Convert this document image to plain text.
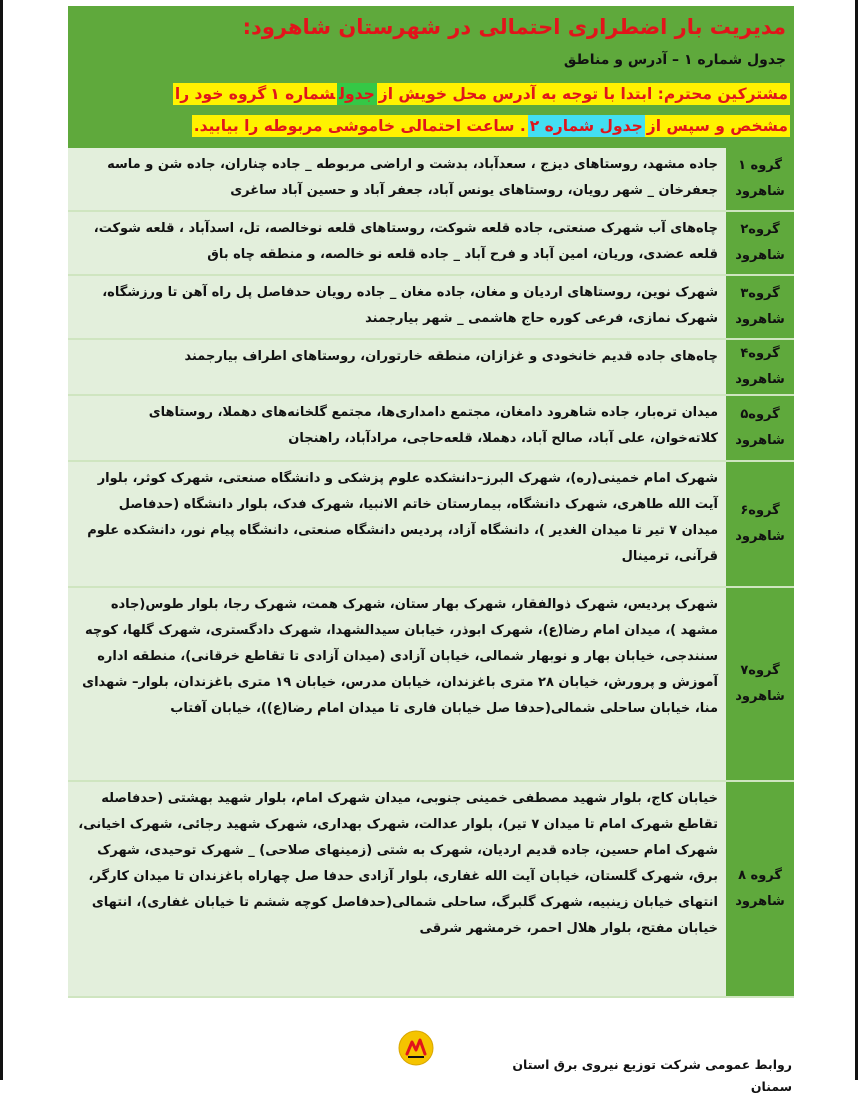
مدیریت بار اضطراری احتمالی در شهرستان شاهرود:
جدول شماره ۱ – آدرس و مناطق
مشترکین محترم: ابتدا با توجه به آدرس محل خویش ازجدولشماره ۱گروه خود را
مشخص و سپس ازجدول شماره ۲. ساعت احتمالی خاموشی مربوطه را بیابید.
گروه ۱ شاهرود
جاده مشهد، روستاهای دیزج ، سعدآباد، بدشت و اراضی مربوطه _ جاده چناران، جاده شن و ماسه جعفرخان _ شهر رویان، روستاهای یونس آباد، جعفر آباد و حسین آباد ساغری
گروه۲ شاهرود
چاه‌های آب شهرک صنعتی، جاده قلعه شوکت، روستاهای قلعه نوخالصه، تل، اسدآباد ، قلعه شوکت، قلعه عضدی، وریان، امین آباد و فرح آباد _ جاده قلعه نو خالصه، و منطقه چاه باق
گروه۳ شاهرود
شهرک نوین، روستاهای اردیان و مغان، جاده مغان _ جاده رویان حدفاصل پل راه آهن تا ورزشگاه، شهرک نمازی، فرعی کوره حاج هاشمی _ شهر بیارجمند
گروه۴ شاهرود
چاه‌های جاده قدیم خانخودی و غزازان، منطقه خارتوران، روستاهای اطراف بیارجمند
گروه۵ شاهرود
میدان تره‌بار، جاده شاهرود دامغان، مجتمع دامداری‌ها، مجتمع گلخانه‌های دهملا، روستاهای کلاته‌خوان، علی آباد، صالح آباد، دهملا، قلعه‌حاجی، مرادآباد، راهنجان
گروه۶ شاهرود
شهرک امام خمینی(ره)، شهرک البرز–دانشکده علوم پزشکی و دانشگاه صنعتی، شهرک کوثر، بلوار آیت الله طاهری، شهرک دانشگاه، بیمارستان خاتم الانبیا، شهرک فدک، بلوار دانشگاه (حدفاصل میدان ۷ تیر تا میدان الغدیر )، دانشگاه آزاد، پردیس دانشگاه صنعتی، دانشگاه پیام نور، دانشکده علوم قرآنی، ترمینال
گروه۷ شاهرود
شهرک پردیس، شهرک ذوالفقار، شهرک بهار ستان، شهرک همت، شهرک رجا، بلوار طوس(جاده مشهد )، میدان امام رضا(ع)، شهرک ابوذر، خیابان سیدالشهدا، شهرک دادگستری، شهرک گلها، کوچه سنندجی، خیابان بهار و نوبهار شمالی، خیابان آزادی (میدان آزادی تا تقاطع خرقانی)، منطقه اداره آموزش و پرورش، خیابان ۲۸ متری باغزندان، خیابان مدرس، خیابان ۱۹ متری باغزندان، بلوار– شهدای منا، خیابان ساحلی شمالی(حدفا صل خیابان فاری تا میدان امام رضا(ع))، خیابان آفتاب
گروه ۸ شاهرود
خیابان کاج، بلوار شهید مصطفی خمینی جنوبی، میدان شهرک امام، بلوار شهید بهشتی (حدفاصله تقاطع شهرک امام تا میدان ۷ تیر)، بلوار عدالت، شهرک بهداری، شهرک شهید رجائی، شهرک اخیانی، شهرک امام حسین، جاده قدیم اردیان، شهرک به شتی (زمینهای صلاحی) _ شهرک توحیدی، شهرک برق، شهرک گلستان، خیابان آیت الله غفاری، بلوار آزادی حدفا صل چهاراه باغزندان تا میدان کارگر، انتهای خیابان زینبیه، شهرک گلبرگ، ساحلی شمالی(حدفاصل کوچه ششم تا خیابان غفاری)، انتهای خیابان مفتح، بلوار هلال احمر، خرمشهر شرقی
روابط عمومی شرکت توزیع نیروی برق استان سمنان
